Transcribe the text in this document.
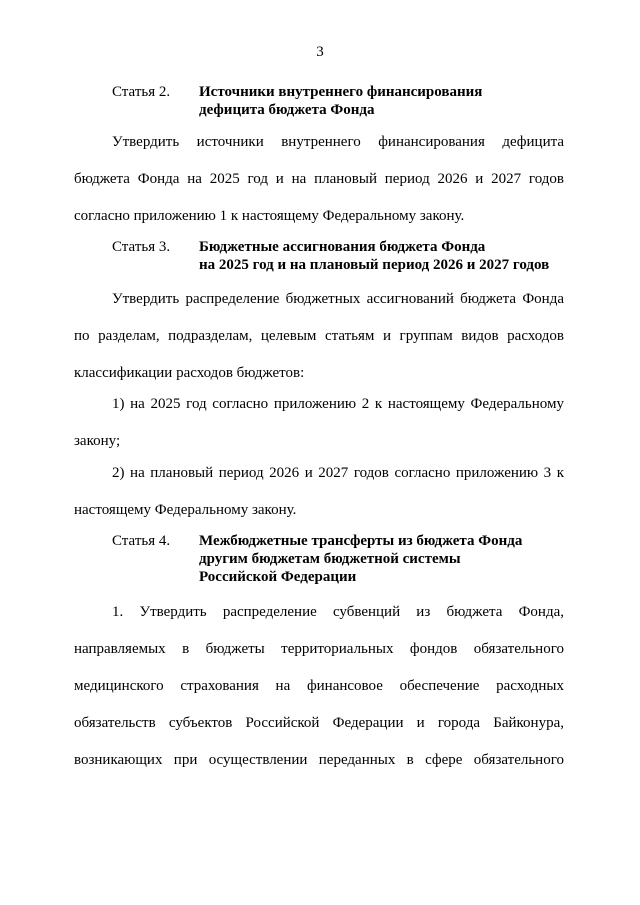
3
Статья 2. Источники внутреннего финансирования
дефицита бюджета Фонда
Утвердить источники внутреннего финансирования дефицита бюджета Фонда на 2025 год и на плановый период 2026 и 2027 годов согласно приложению 1 к настоящему Федеральному закону.
Статья 3. Бюджетные ассигнования бюджета Фонда
на 2025 год и на плановый период 2026 и 2027 годов
Утвердить распределение бюджетных ассигнований бюджета Фонда по разделам, подразделам, целевым статьям и группам видов расходов классификации расходов бюджетов:
1) на 2025 год согласно приложению 2 к настоящему Федеральному закону;
2) на плановый период 2026 и 2027 годов согласно приложению 3 к настоящему Федеральному закону.
Статья 4. Межбюджетные трансферты из бюджета Фонда
другим бюджетам бюджетной системы
Российской Федерации
1. Утвердить распределение субвенций из бюджета Фонда, направляемых в бюджеты территориальных фондов обязательного медицинского страхования на финансовое обеспечение расходных обязательств субъектов Российской Федерации и города Байконура, возникающих при осуществлении переданных в сфере обязательного
